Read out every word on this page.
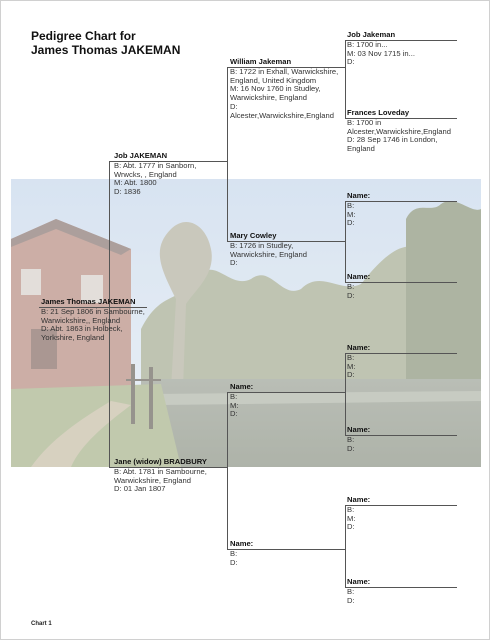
Pedigree Chart for
James Thomas JAKEMAN
James Thomas JAKEMAN
B: 21 Sep 1806 in Sambourne, Warwickshire,, England
D: Abt. 1863 in Holbeck, Yorkshire, England
Job JAKEMAN
B: Abt. 1777 in Sanborn, Wrwcks, , England
M: Abt. 1800
D: 1836
Jane (widow) BRADBURY
B: Abt. 1781 in Sambourne, Warwickshire, England
D: 01 Jan 1807
William Jakeman
B: 1722 in Exhall, Warwickshire, England, United Kingdom
M: 16 Nov 1760 in Studley, Warwickshire, England
D: Alcester,Warwickshire,England
Mary Cowley
B: 1726 in Studley, Warwickshire, England
D:
Name:
B:
M:
D:
Name:
B:
D:
Job Jakeman
B: 1700 in...
M: 03 Nov 1715 in...
D:
Frances Loveday
B: 1700 in Alcester,Warwickshire,England
D: 28 Sep 1746 in London, England
Name:
B:
M:
D:
Name:
B:
D:
Name:
B:
M:
D:
Name:
B:
D:
Name:
B:
M:
D:
Name:
B:
D:
Chart 1
